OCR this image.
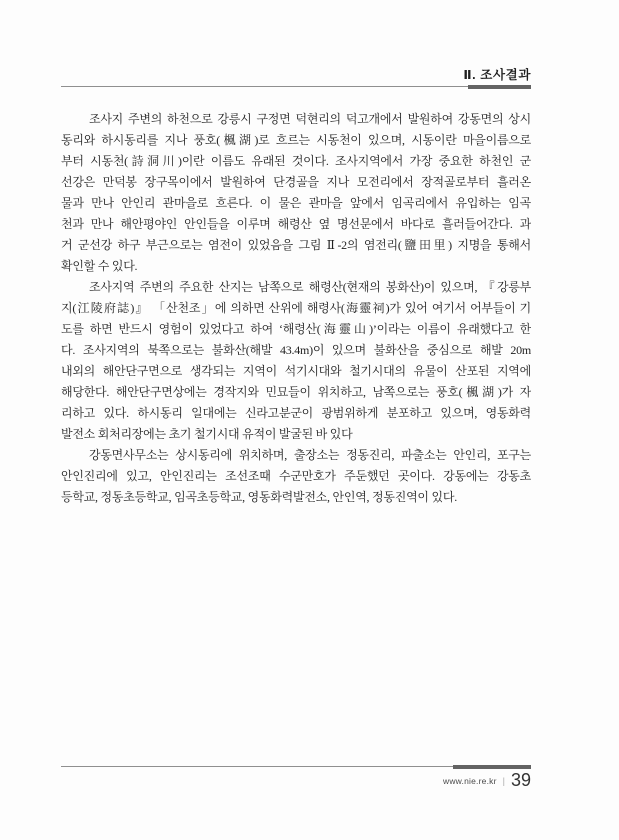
Ⅱ. 조사결과
조사지 주변의 하천으로 강릉시 구정면 덕현리의 덕고개에서 발원하여 강동면의 상시
동리와 하시동리를 지나 풍호(楓湖)로 흐르는 시동천이 있으며, 시동이란 마을이름으로
부터 시동천(詩洞川)이란 이름도 유래된 것이다. 조사지역에서 가장 중요한 하천인 군
선강은 만덕봉 장구목이에서 발원하여 단경골을 지나 모전리에서 장적골로부터 흘러온
물과 만나 안인리 관마을로 흐른다. 이 물은 관마을 앞에서 임곡리에서 유입하는 임곡
천과 만나 해안평야인 안인들을 이루며 해령산 옆 명선문에서 바다로 흘러들어간다. 과
거 군선강 하구 부근으로는 염전이 있었음을 그림 Ⅱ-2의 염전리(鹽田里) 지명을 통해서
확인할 수 있다.
조사지역 주변의 주요한 산지는 남쪽으로 해령산(현재의 봉화산)이 있으며, 『강릉부
지(江陵府誌)』 「산천조」에 의하면 산위에 해령사(海靈祠)가 있어 여기서 어부들이 기
도를 하면 반드시 영험이 있었다고 하여 ‘해령산(海靈山)’이라는 이름이 유래했다고 한
다. 조사지역의 북쪽으로는 불화산(해발 43.4m)이 있으며 불화산을 중심으로 해발 20m
내외의 해안단구면으로 생각되는 지역이 석기시대와 철기시대의 유물이 산포된 지역에
해당한다. 해안단구면상에는 경작지와 민묘들이 위치하고, 남쪽으로는 풍호(楓湖)가 자
리하고 있다. 하시동리 일대에는 신라고분군이 광범위하게 분포하고 있으며, 영동화력
발전소 회처리장에는 초기 철기시대 유적이 발굴된 바 있다
강동면사무소는 상시동리에 위치하며, 출장소는 정동진리, 파출소는 안인리, 포구는
안인진리에 있고, 안인진리는 조선조때 수군만호가 주둔했던 곳이다. 강동에는 강동초
등학교, 정동초등학교, 임곡초등학교, 영동화력발전소, 안인역, 정동진역이 있다.
www.nie.re.kr | 39
